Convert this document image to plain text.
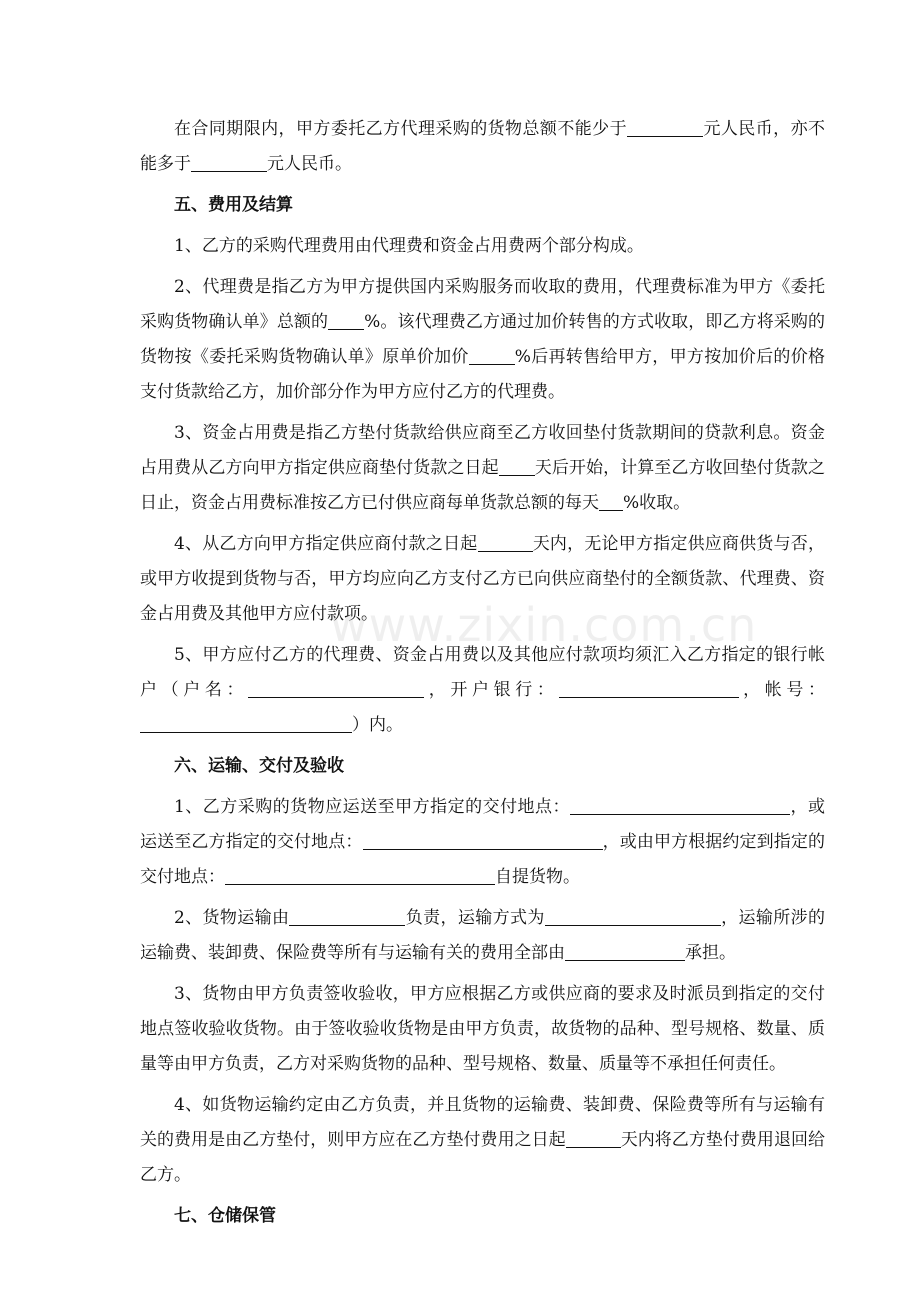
在合同期限内，甲方委托乙方代理采购的货物总额不能少于	元人民币，亦不能多于	元人民币。

五、费用及结算

1、乙方的采购代理费用由代理费和资金占用费两个部分构成。

2、代理费是指乙方为甲方提供国内采购服务而收取的费用，代理费标准为甲方《委托采购货物确认单》总额的 %。该代理费乙方通过加价转售的方式收取，即乙方将采购的货物按《委托采购货物确认单》原单价加价	%后再转售给甲方，甲方按加价后的价格支付货款给乙方，加价部分作为甲方应付乙方的代理费。

3、资金占用费是指乙方垫付货款给供应商至乙方收回垫付货款期间的贷款利息。资金占用费从乙方向甲方指定供应商垫付货款之日起 天后开始，计算至乙方收回垫付货款之日止，资金占用费标准按乙方已付供应商每单货款总额的每天 %收取。

4、从乙方向甲方指定供应商付款之日起	天内，无论甲方指定供应商供货与否，或甲方收提到货物与否，甲方均应向乙方支付乙方已向供应商垫付的全额货款、代理费、资金占用费及其他甲方应付款项。

5、甲方应付乙方的代理费、资金占用费以及其他应付款项均须汇入乙方指定的银行帐户（户名：	，开户银行：	，帐号：）内。

六、运输、交付及验收

1、乙方采购的货物应运送至甲方指定的交付地点：	，或运送至乙方指定的交付地点：	，或由甲方根据约定到指定的交付地点：	自提货物。

2、货物运输由	负责，运输方式为	，运输所涉的运输费、装卸费、保险费等所有与运输有关的费用全部由	承担。

3、货物由甲方负责签收验收，甲方应根据乙方或供应商的要求及时派员到指定的交付地点签收验收货物。由于签收验收货物是由甲方负责，故货物的品种、型号规格、数量、质量等由甲方负责，乙方对采购货物的品种、型号规格、数量、质量等不承担任何责任。

4、如货物运输约定由乙方负责，并且货物的运输费、装卸费、保险费等所有与运输有关的费用是由乙方垫付，则甲方应在乙方垫付费用之日起	天内将乙方垫付费用退回给乙方。

七、仓储保管

www.zixin.com.cn
